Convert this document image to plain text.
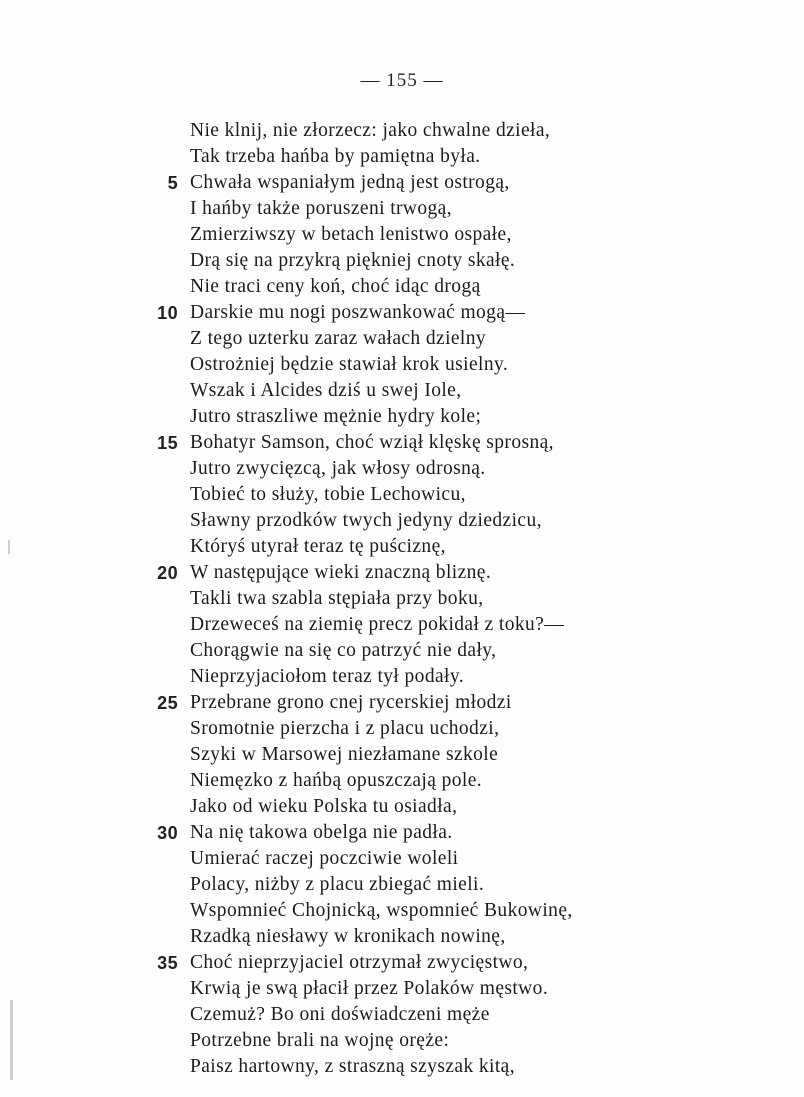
— 155 —
Nie klnij, nie złorzecz: jako chwalne dzieła,
Tak trzeba hańba by pamiętna była.
5 Chwała wspaniałym jedną jest ostrogą,
I hańby także poruszeni trwogą,
Zmierziwszy w betach lenistwo ospałe,
Drą się na przykrą piękniej cnoty skałę.
Nie traci ceny koń, choć idąc drogą
10 Darskie mu nogi poszwankować mogą—
Z tego uzterku zaraz wałach dzielny
Ostrożniej będzie stawiał krok usielny.
Wszak i Alcides dziś u swej Iole,
Jutro straszliwe mężnie hydry kole;
15 Bohatyr Samson, choć wziął klęskę sprosną,
Jutro zwycięzcą, jak włosy odrosną.
Tobieć to służy, tobie Lechowicu,
Sławny przodków twych jedyny dziedzicu,
Któryś utyrał teraz tę puściznę,
20 W następujące wieki znaczną bliznę.
Takli twa szabla stępiała przy boku,
Drzeweceś na ziemię precz pokidał z toku?—
Chorągwie na się co patrzyć nie dały,
Nieprzyjaciołom teraz tył podały.
25 Przebrane grono cnej rycerskiej młodzi
Sromotnie pierzcha i z placu uchodzi,
Szyki w Marsowej niezłamane szkole
Niemęzko z hańbą opuszczają pole.
Jako od wieku Polska tu osiadła,
30 Na nię takowa obelga nie padła.
Umierać raczej poczciwie woleli
Polacy, niżby z placu zbiegać mieli.
Wspomnieć Chojnicką, wspomnieć Bukowinę,
Rzadką niesławy w kronikach nowinę,
35 Choć nieprzyjaciel otrzymał zwycięstwo,
Krwią je swą płacił przez Polaków męstwo.
Czemuż? Bo oni doświadczeni męże
Potrzebne brali na wojnę oręże:
Paisz hartowny, z straszną szyszak kitą,
